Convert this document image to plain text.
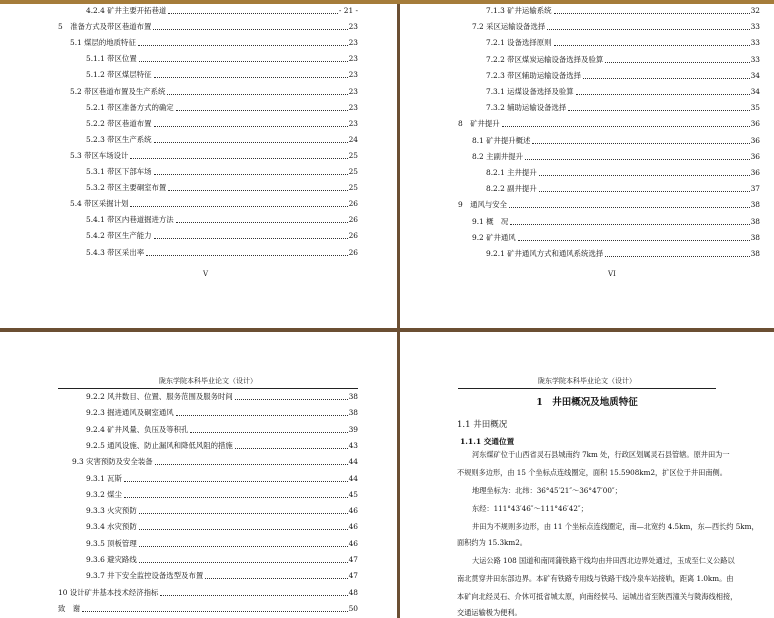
4.2.4 矿井主要开拓巷道	- 21 -
5　准备方式及带区巷道布置	23
5.1 煤层的地质特征	23
5.1.1 带区位置	23
5.1.2 带区煤层特征	23
5.2 带区巷道布置及生产系统	23
5.2.1 带区准备方式的确定	23
5.2.2 带区巷道布置	23
5.2.3 带区生产系统	24
5.3 带区车场设计	25
5.3.1 带区下部车场	25
5.3.2 带区主要硐室布置	25
5.4 带区采掘计划	26
5.4.1 带区内巷道掘进方法	26
5.4.2 带区生产能力	26
5.4.3 带区采出率	26
V
7.1.3 矿井运输系统	32
7.2 采区运输设备选择	33
7.2.1 设备选择原则	33
7.2.2 带区煤炭运输设备选择及验算	33
7.2.3 带区辅助运输设备选择	34
7.3.1 运煤设备选择及验算	34
7.3.2 辅助运输设备选择	35
8　矿井提升	36
8.1 矿井提升概述	36
8.2 主副井提升	36
8.2.1 主井提升	36
8.2.2 副井提升	37
9　通风与安全	38
9.1 概　况	38
9.2 矿井通风	38
9.2.1 矿井通风方式和通风系统选择	38
VI
陇东学院本科毕业论文（设计）
9.2.2 风井数目、位置、服务范围及服务时间	38
9.2.3 掘进通风及硐室通风	38
9.2.4 矿井风量、负压及等积孔	39
9.2.5 通风设施、防止漏风和降低风阻的措施	43
9.3 灾害预防及安全装备	44
9.3.1 瓦斯	44
9.3.2 煤尘	45
9.3.3 火灾预防	46
9.3.4 水灾预防	46
9.3.5 顶板管理	46
9.3.6 避灾路线	47
9.3.7 井下安全监控设备选型及布置	47
10 设计矿井基本技术经济指标	48
致　谢	50
陇东学院本科毕业论文（设计）
1　井田概况及地质特征
1.1 井田概况
1.1.1 交通位置
河东煤矿位于山西省灵石县城南约 7km 处，行政区划属灵石县管辖。原井田为一
不规则多边形，由 15 个坐标点连线圈定，面积 15.5908km2，扩区位于井田南侧。
地理坐标为：北纬：36°45′21″～36°47′00″；
东经：111°43′46″～111°46′42″；
井田为不规则多边形，由 11 个坐标点连线圈定，南—北宽约 4.5km，东—西长约 5km，
面积约为 15.3km2。
大运公路 108 国道和南同蒲铁路干线均由井田西北边界处通过，玉成至仁义公路以
南北贯穿井田东部边界。本矿有铁路专用线与铁路干线冷泉车站接轨，距离 1.0km。由
本矿向北经灵石、介休可抵省城太原，向南经侯马、运城出省至陕西潼关与陇海线相接，
交通运输极为便利。
